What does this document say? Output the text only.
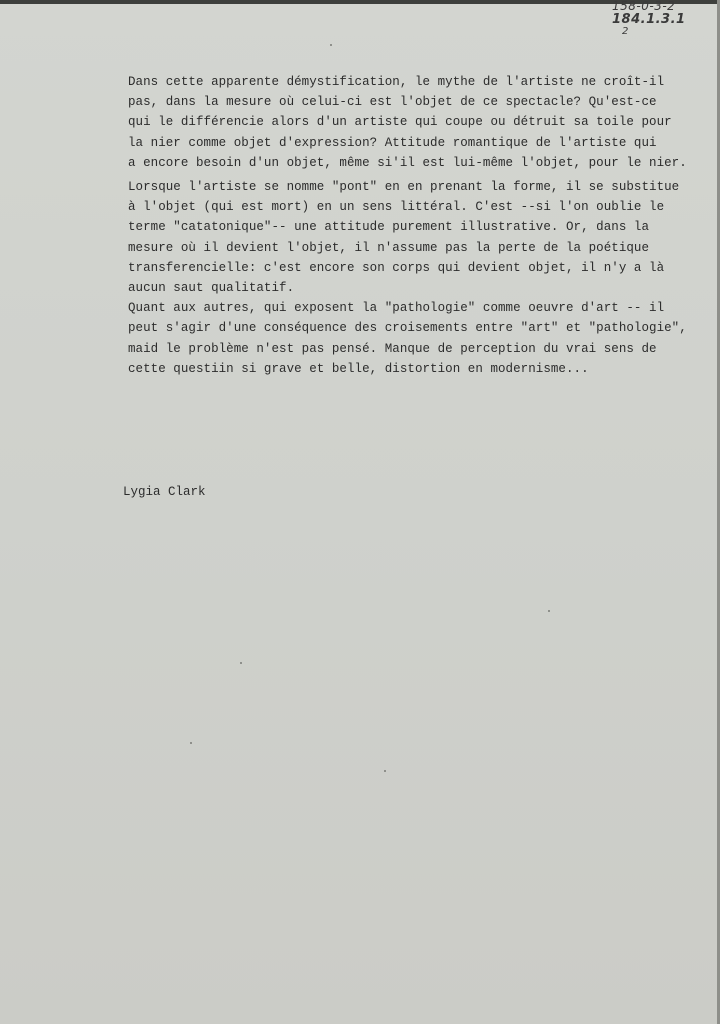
158-0-3-2
184.1.3.1
2
Dans cette apparente démystification, le mythe de l'artiste ne croît-il
pas, dans la mesure où celui-ci est l'objet de ce spectacle? Qu'est-ce
qui le différencie alors d'un artiste qui coupe ou détruit sa toile pour
la nier comme objet d'expression? Attitude romantique de l'artiste qui
a encore besoin d'un objet, même si'il est lui-même l'objet, pour le nier.
Lorsque l'artiste se nomme "pont" en en prenant la forme, il se substitue
à l'objet (qui est mort) en un sens littéral. C'est --si l'on oublie le
terme "catatonique"-- une attitude purement illustrative. Or, dans la
mesure où il devient l'objet, il n'assume pas la perte de la poétique
transferencielle: c'est encore son corps qui devient objet, il n'y a là
aucun saut qualitatif.
Quant aux autres, qui exposent la "pathologie" comme oeuvre d'art -- il
peut s'agir d'une conséquence des croisements entre "art" et "pathologie",
maid le problème n'est pas pensé. Manque de perception du vrai sens de
cette questiin si grave et belle, distortion en modernisme...
Lygia Clark
